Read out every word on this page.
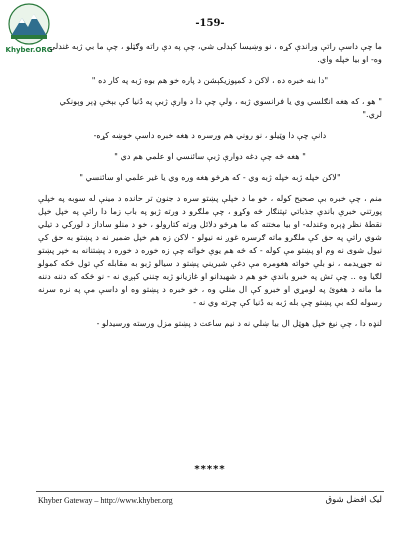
Khyber.ORG
-159-

ما چې داسې راتې وراندې کړه ، نو وښيسا کېدلی شي، چې په دې راته وګټلو ، چې ما بي ژبه غندلې وه- او بيا خپله واي.

"دا بنه خبره ده ، لاکن د کمپوزيکېشن د پاره خو هم بوه ژبه په کار ده "

" هو ، که هغه انګلسي وي يا فرانسوي ژبه ، ولې چې دا د وارې ژبې په دُنيا کې بېخې ډېر وېونکي لري."

دانې چې دا وټيلو ، نو روني هم ورسره د هغه خبره داسې خوښه کړه-

" هغه څه چې دغه دوارې ژبې سائنسي او علمي هم دي "

"لاکن خپله ژبه خپله ژبه وي - که هرڅو هغه وره وي يا غير علمي او سائنسي "

منم ، چې خبره بې صحيح کوله ، خو ما د خپلې پښتو سره د جنون تر حانده د مينې له سوبه په خپلې پورتني خبرې باندې جذباتي تپتنګار څه وکړو ، چې ملګرو د ورته ژبو په باب زما دا رائې په خپل خپل نقطهٔ نظر ډېره وغندله- او بيا مختنه که ما هرڅو دلائل ورته کتارولو ، خو د منلو ساداز د لورکي د تيلي شوي راتې په حق کې ملګرو ماته ګرسره غوږ نه نيولو - لاکن زه هم خپل ضمير نه د پښتو به حق کې نيول شوی نه وم او پښتو مې کوله - که څه هم يوې خواته چې زه خوره د خوره د پښتنانه به خپر پښتو نه جوړيدمه ، نو بلې خواته هغومره مې دغې شيريني پښتو د سيالو ژبو به مقابله کې تول څکه کمولو لګيا وه .. چې تش په خبرو باندې خو هم د شهيدانو او غازيانو ژبه چنني کېږي نه - نو څکه که دننه دننه ما مانه د هغوئ په لومړي او خبرو کې ال منلي وه ، خو خبره د پښتو وه او داسې مې په نره سرنه رسوله لکه بې پښتو چې بله ژبه به دُنيا کې چرته وي نه -

لنډه دا ، چې نيغ خپل هوټل ال بيا ښلي نه د نيم ساعت د پښتو مزل ورسته ورسيدلو -

*****
Khyber Gateway – http://www.khyber.org	ليک افضل شوق
